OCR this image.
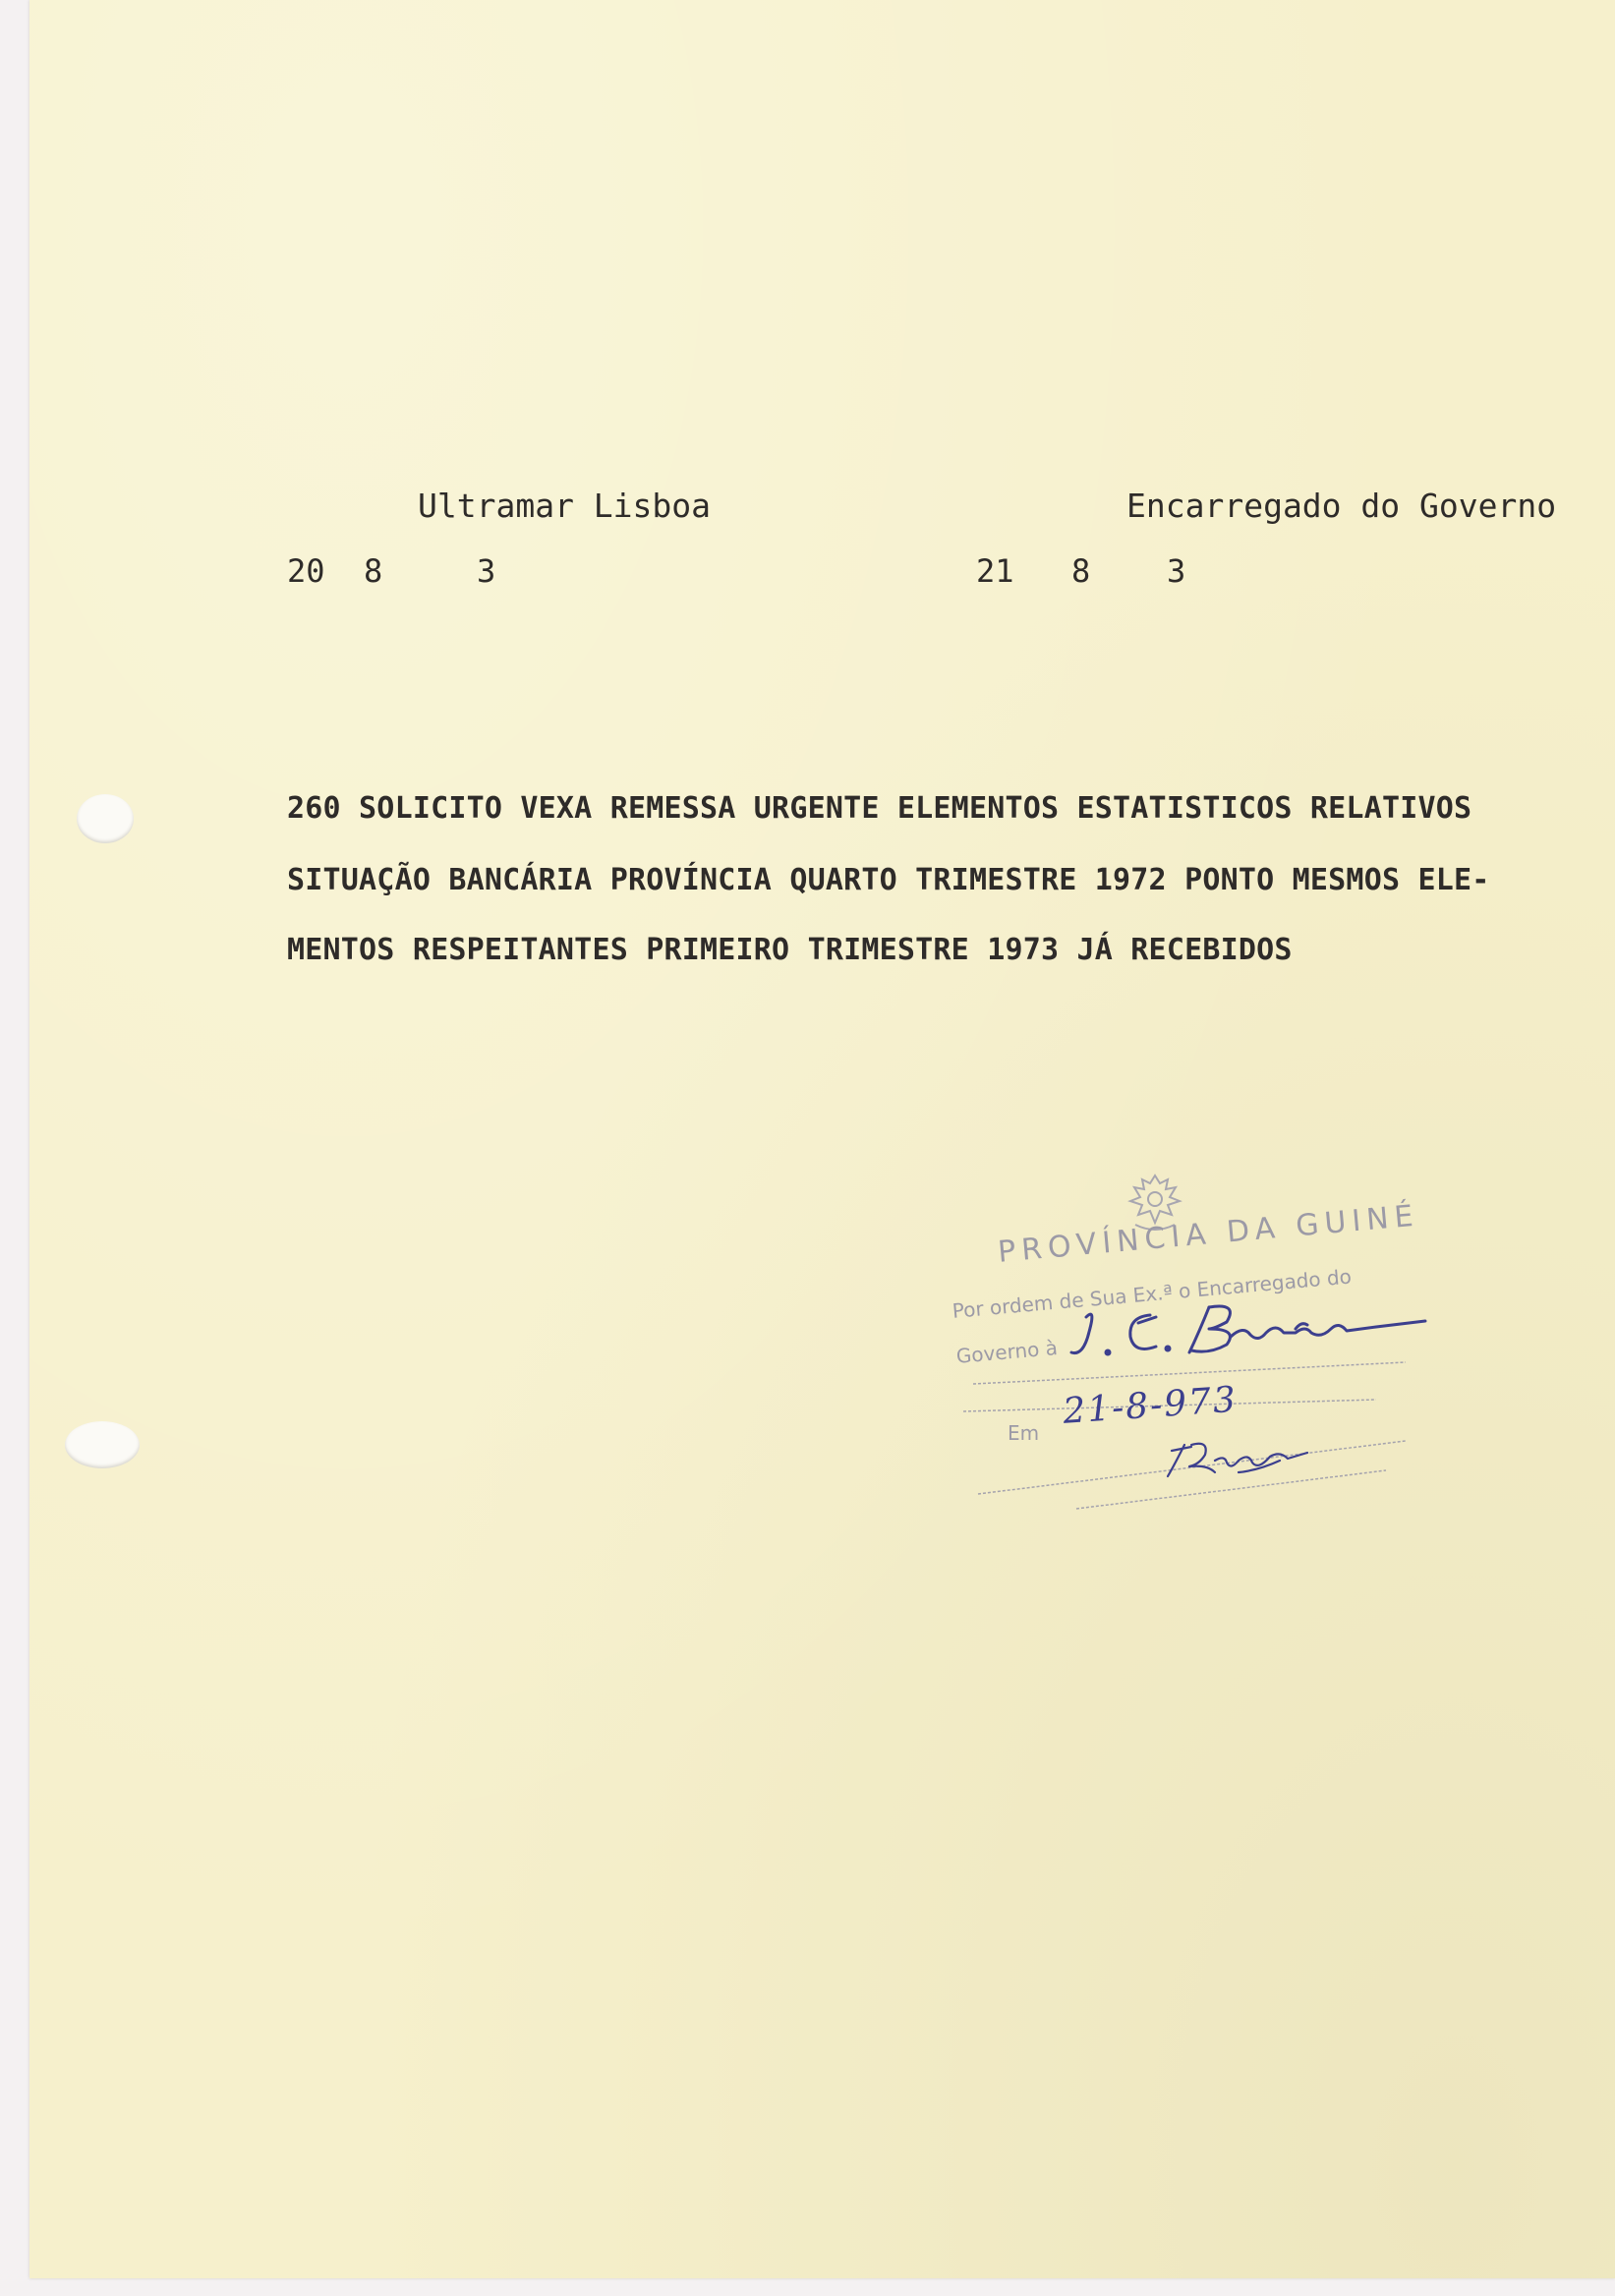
Ultramar Lisboa	Encarregado do Governo
20 8	3	21 8 3
260 SOLICITO VEXA REMESSA URGENTE ELEMENTOS ESTATISTICOS RELATIVOS
SITUAÇÃO BANCÁRIA PROVÍNCIA QUARTO TRIMESTRE 1972 PONTO MESMOS ELE-
MENTOS RESPEITANTES PRIMEIRO TRIMESTRE 1973 JÁ RECEBIDOS
PROVÍNCIA DA GUINÉ
Por ordem de Sua Ex.ª o Encarregado do
Governo à
Em
21-8-973
